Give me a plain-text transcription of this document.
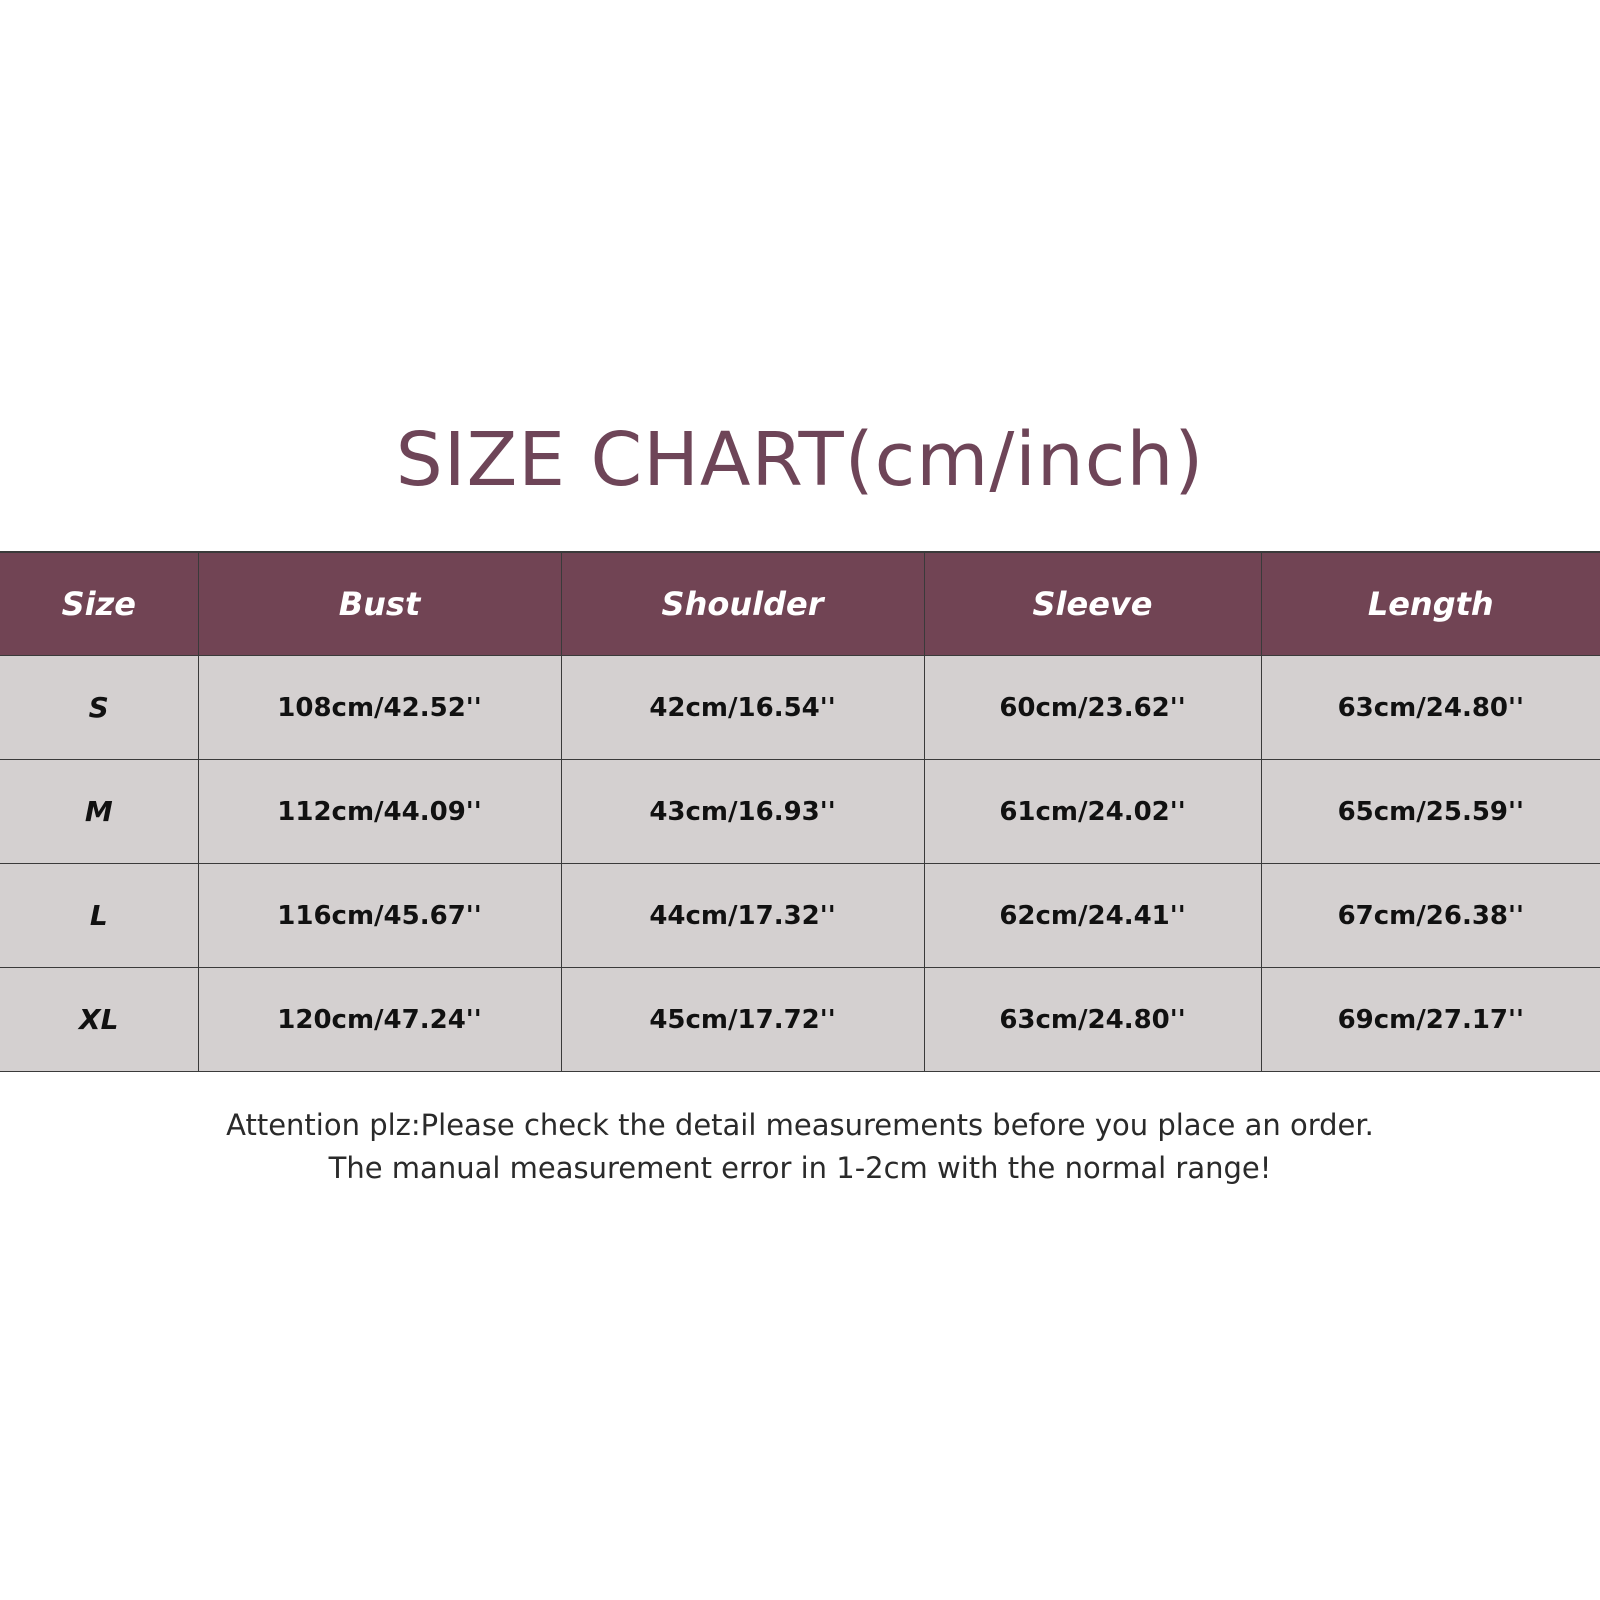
SIZE CHART(cm/inch)
Size	Bust	Shoulder	Sleeve	Length
S	108cm/42.52''	42cm/16.54''	60cm/23.62''	63cm/24.80''
M	112cm/44.09''	43cm/16.93''	61cm/24.02''	65cm/25.59''
L	116cm/45.67''	44cm/17.32''	62cm/24.41''	67cm/26.38''
XL	120cm/47.24''	45cm/17.72''	63cm/24.80''	69cm/27.17''
Attention plz:Please check the detail measurements before you place an order.
The manual measurement error in 1-2cm with the normal range!
